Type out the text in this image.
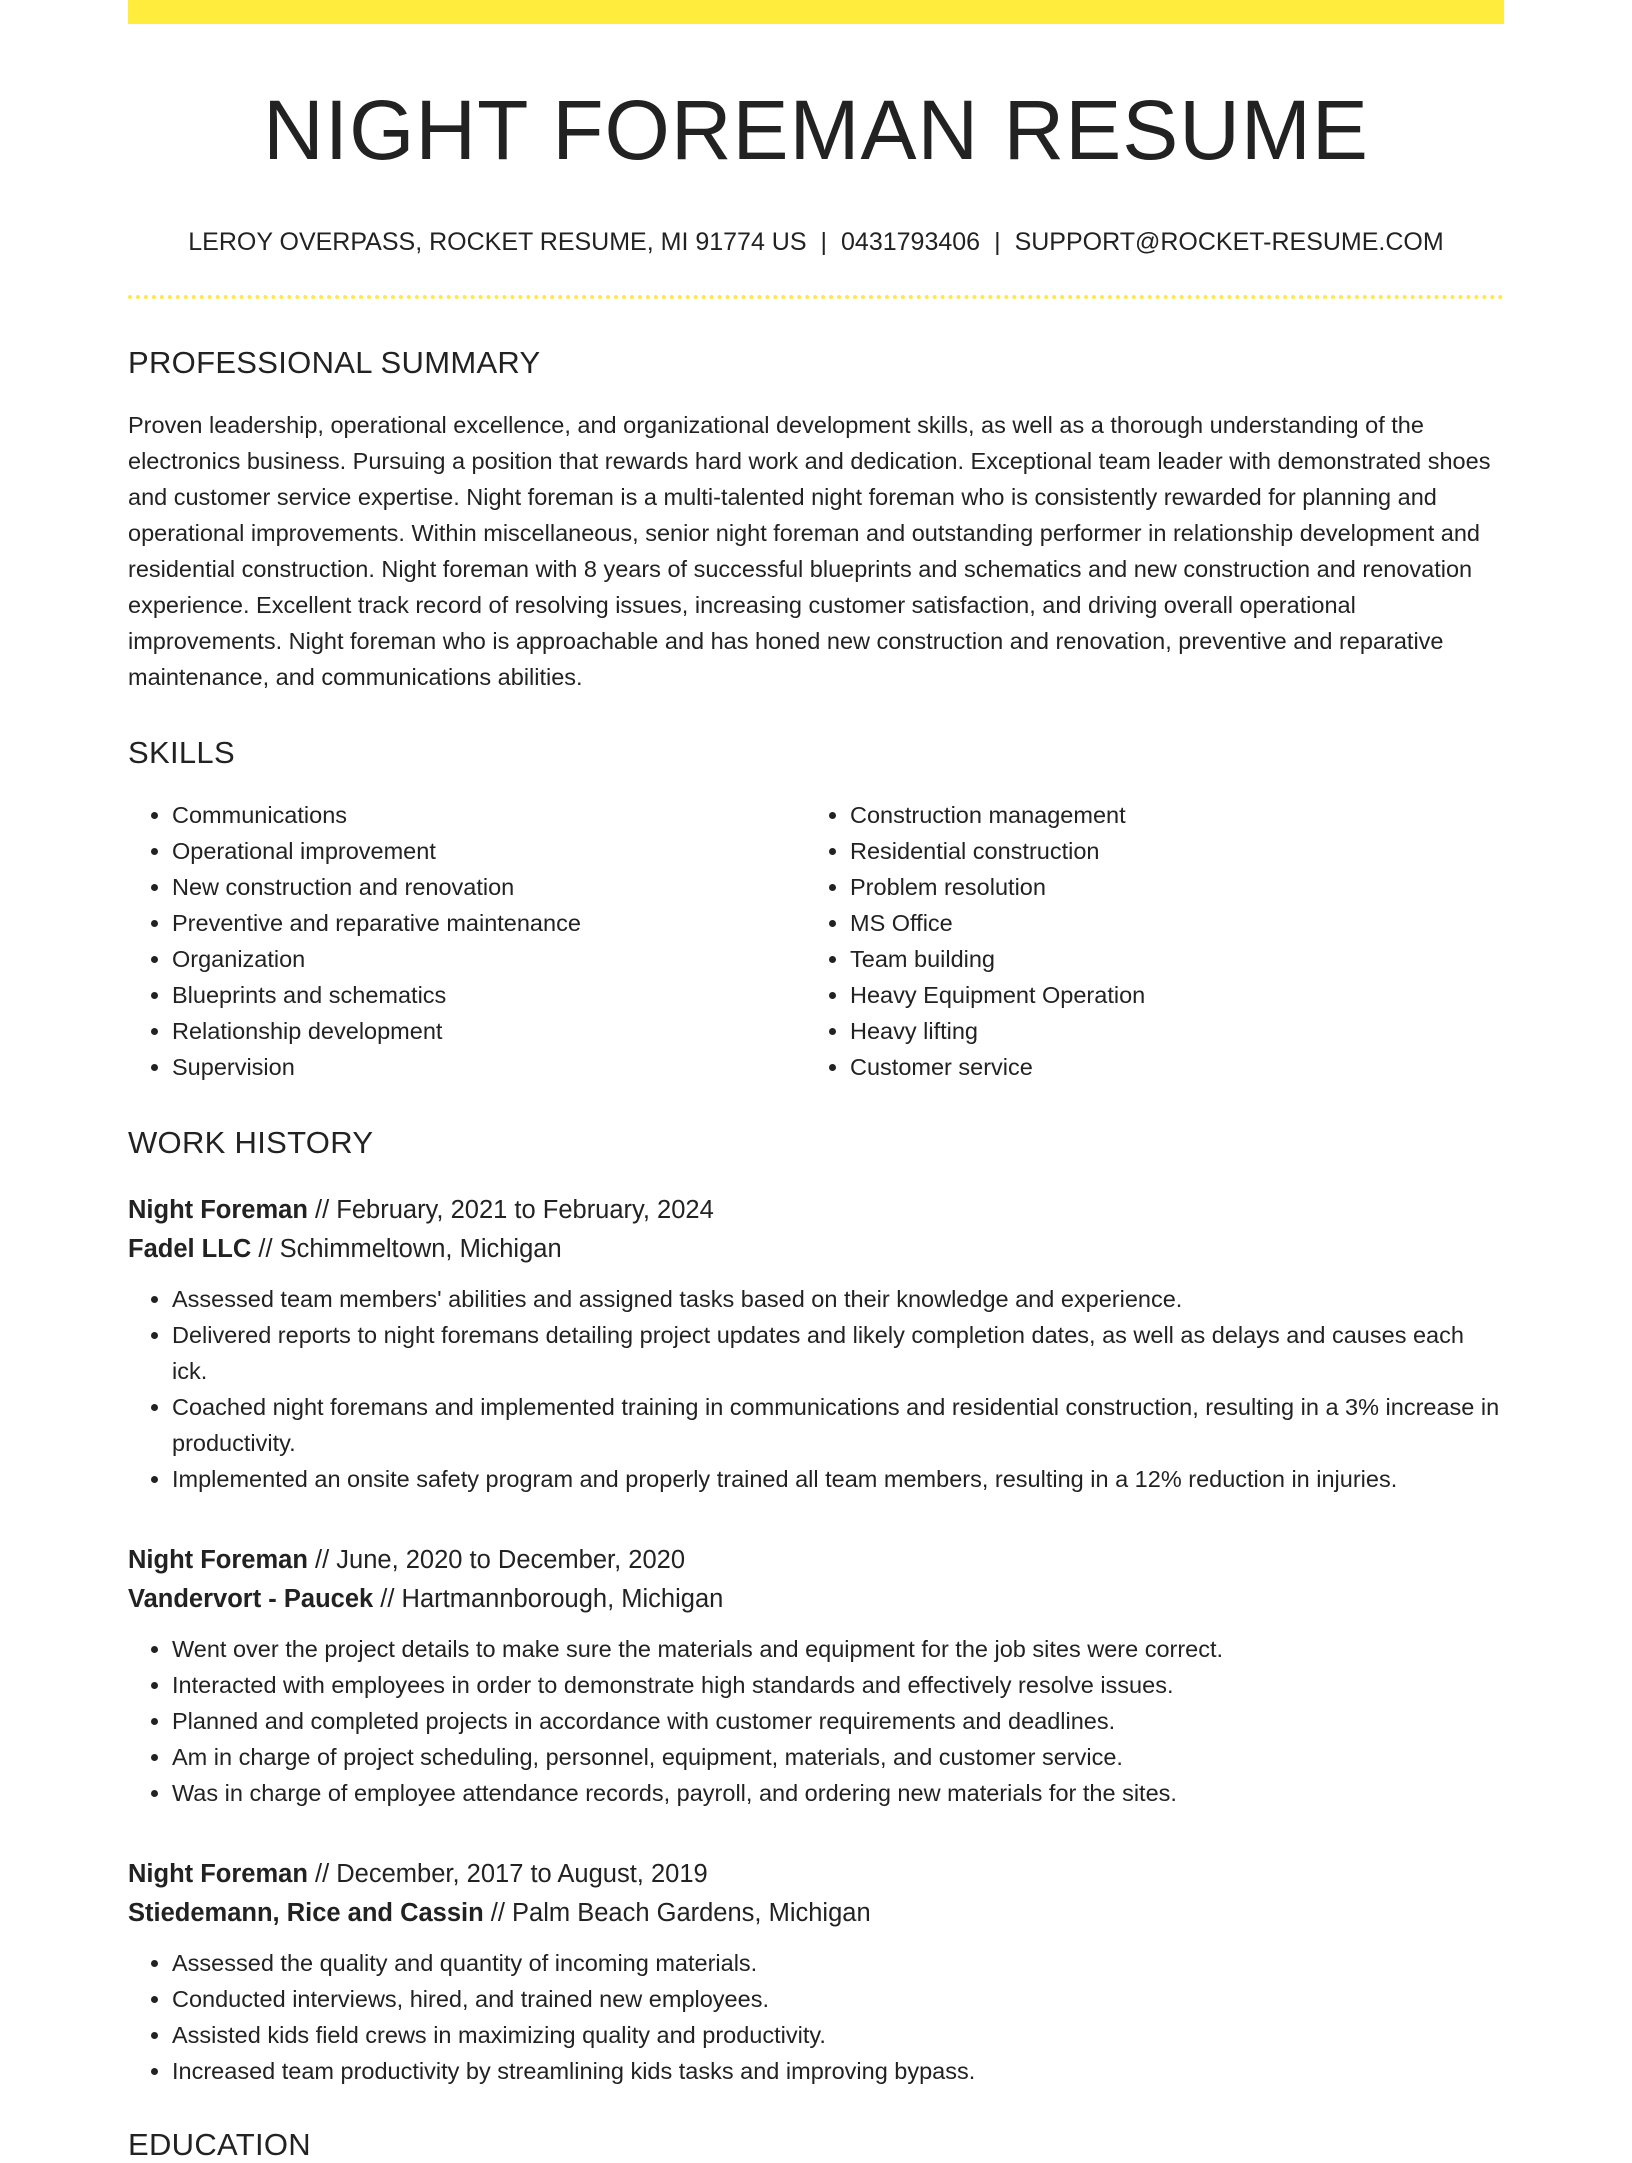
NIGHT FOREMAN RESUME
LEROY OVERPASS, ROCKET RESUME, MI 91774 US | 0431793406 | SUPPORT@ROCKET-RESUME.COM
PROFESSIONAL SUMMARY

Proven leadership, operational excellence, and organizational development skills, as well as a thorough understanding of the electronics business. Pursuing a position that rewards hard work and dedication. Exceptional team leader with demonstrated shoes and customer service expertise. Night foreman is a multi-talented night foreman who is consistently rewarded for planning and operational improvements. Within miscellaneous, senior night foreman and outstanding performer in relationship development and residential construction. Night foreman with 8 years of successful blueprints and schematics and new construction and renovation experience. Excellent track record of resolving issues, increasing customer satisfaction, and driving overall operational improvements. Night foreman who is approachable and has honed new construction and renovation, preventive and reparative maintenance, and communications abilities.

SKILLS
• Communications
• Operational improvement
• New construction and renovation
• Preventive and reparative maintenance
• Organization
• Blueprints and schematics
• Relationship development
• Supervision
• Construction management
• Residential construction
• Problem resolution
• MS Office
• Team building
• Heavy Equipment Operation
• Heavy lifting
• Customer service
WORK HISTORY
Night Foreman // February, 2021 to February, 2024
Fadel LLC // Schimmeltown, Michigan
• Assessed team members' abilities and assigned tasks based on their knowledge and experience.
• Delivered reports to night foremans detailing project updates and likely completion dates, as well as delays and causes each ick.
• Coached night foremans and implemented training in communications and residential construction, resulting in a 3% increase in productivity.
• Implemented an onsite safety program and properly trained all team members, resulting in a 12% reduction in injuries.
Night Foreman // June, 2020 to December, 2020
Vandervort - Paucek // Hartmannborough, Michigan
• Went over the project details to make sure the materials and equipment for the job sites were correct.
• Interacted with employees in order to demonstrate high standards and effectively resolve issues.
• Planned and completed projects in accordance with customer requirements and deadlines.
• Am in charge of project scheduling, personnel, equipment, materials, and customer service.
• Was in charge of employee attendance records, payroll, and ordering new materials for the sites.
Night Foreman // December, 2017 to August, 2019
Stiedemann, Rice and Cassin // Palm Beach Gardens, Michigan
• Assessed the quality and quantity of incoming materials.
• Conducted interviews, hired, and trained new employees.
• Assisted kids field crews in maximizing quality and productivity.
• Increased team productivity by streamlining kids tasks and improving bypass.
EDUCATION
